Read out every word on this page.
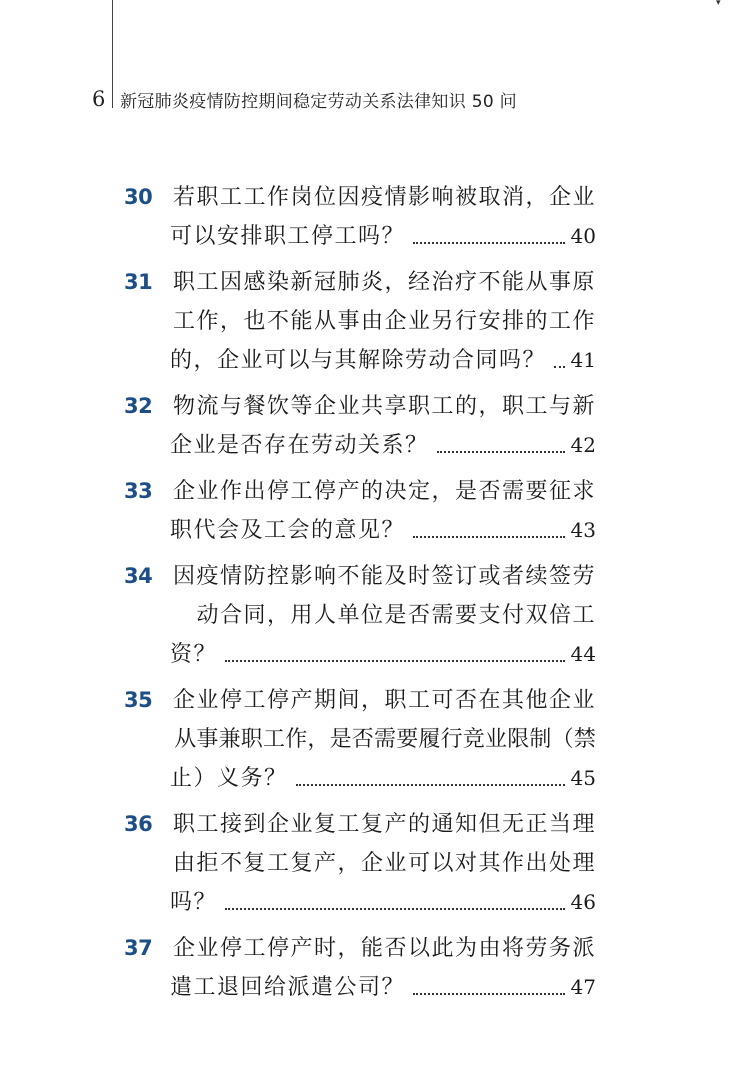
▾
6 新冠肺炎疫情防控期间稳定劳动关系法律知识 50 问
30 若职工工作岗位因疫情影响被取消，企业
可以安排职工停工吗？	40
31 职工因感染新冠肺炎，经治疗不能从事原
工作，也不能从事由企业另行安排的工作
的，企业可以与其解除劳动合同吗？ 41
32 物流与餐饮等企业共享职工的，职工与新
企业是否存在劳动关系？	42
33 企业作出停工停产的决定，是否需要征求
职代会及工会的意见？	43
34 因疫情防控影响不能及时签订或者续签劳
动合同，用人单位是否需要支付双倍工
资？	44
35 企业停工停产期间，职工可否在其他企业
从事兼职工作，是否需要履行竞业限制（禁
止）义务？	45
36 职工接到企业复工复产的通知但无正当理
由拒不复工复产，企业可以对其作出处理
吗？	46
37 企业停工停产时，能否以此为由将劳务派
遣工退回给派遣公司？	47
